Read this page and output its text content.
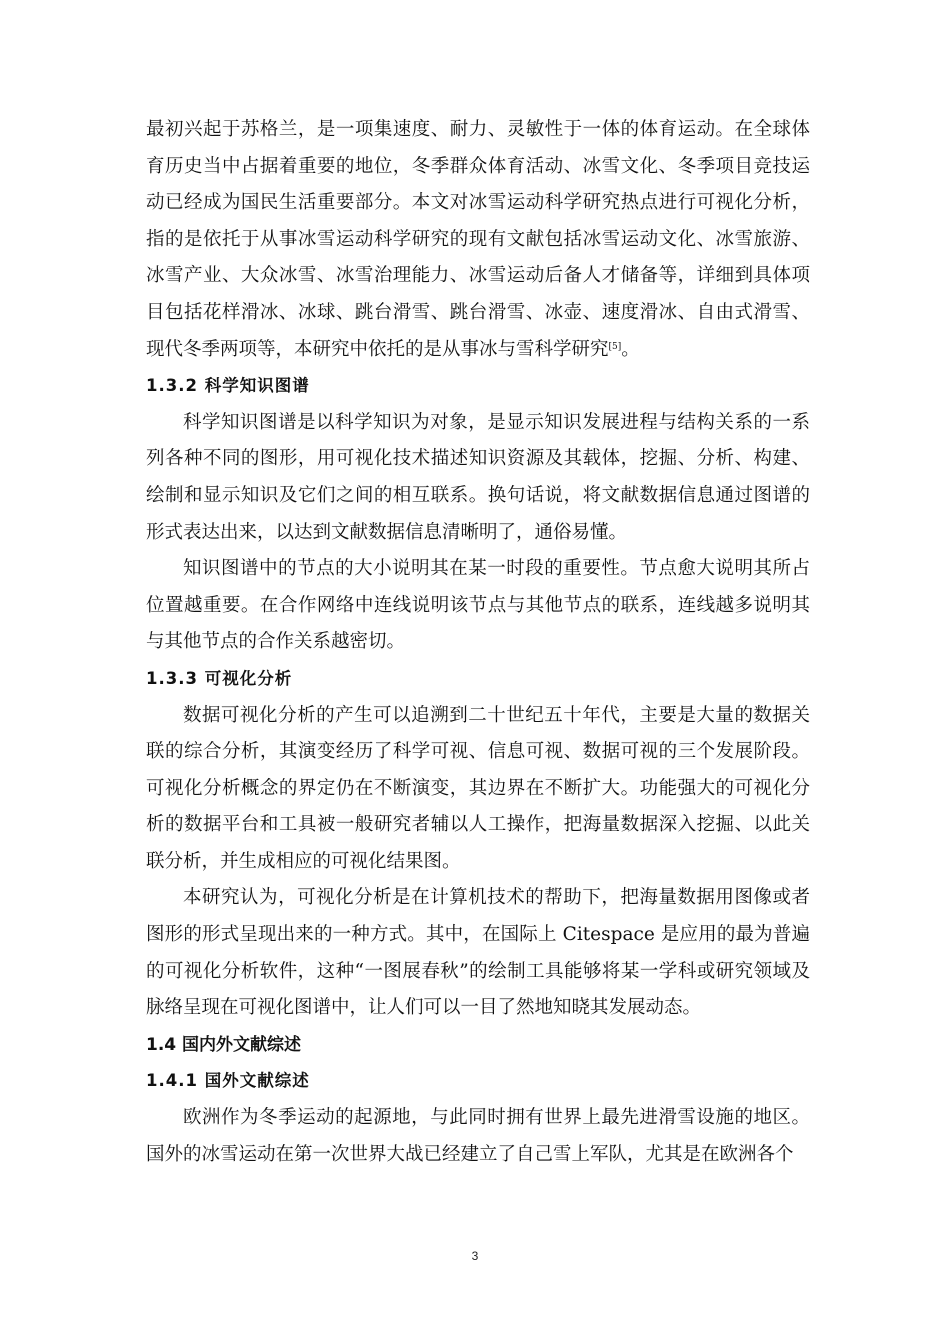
最初兴起于苏格兰，是一项集速度、耐力、灵敏性于一体的体育运动。在全球体育历史当中占据着重要的地位，冬季群众体育活动、冰雪文化、冬季项目竞技运动已经成为国民生活重要部分。本文对冰雪运动科学研究热点进行可视化分析，指的是依托于从事冰雪运动科学研究的现有文献包括冰雪运动文化、冰雪旅游、冰雪产业、大众冰雪、冰雪治理能力、冰雪运动后备人才储备等，详细到具体项目包括花样滑冰、冰球、跳台滑雪、跳台滑雪、冰壶、速度滑冰、自由式滑雪、现代冬季两项等，本研究中依托的是从事冰与雪科学研究[5]。

1.3.2 科学知识图谱

科学知识图谱是以科学知识为对象，是显示知识发展进程与结构关系的一系列各种不同的图形，用可视化技术描述知识资源及其载体，挖掘、分析、构建、绘制和显示知识及它们之间的相互联系。换句话说，将文献数据信息通过图谱的形式表达出来，以达到文献数据信息清晰明了，通俗易懂。

知识图谱中的节点的大小说明其在某一时段的重要性。节点愈大说明其所占位置越重要。在合作网络中连线说明该节点与其他节点的联系，连线越多说明其与其他节点的合作关系越密切。

1.3.3 可视化分析

数据可视化分析的产生可以追溯到二十世纪五十年代，主要是大量的数据关联的综合分析，其演变经历了科学可视、信息可视、数据可视的三个发展阶段。可视化分析概念的界定仍在不断演变，其边界在不断扩大。功能强大的可视化分析的数据平台和工具被一般研究者辅以人工操作，把海量数据深入挖掘、以此关联分析，并生成相应的可视化结果图。

本研究认为，可视化分析是在计算机技术的帮助下，把海量数据用图像或者图形的形式呈现出来的一种方式。其中，在国际上 Citespace 是应用的最为普遍的可视化分析软件，这种“一图展春秋”的绘制工具能够将某一学科或研究领域及脉络呈现在可视化图谱中，让人们可以一目了然地知晓其发展动态。

1.4 国内外文献综述
1.4.1 国外文献综述

欧洲作为冬季运动的起源地，与此同时拥有世界上最先进滑雪设施的地区。国外的冰雪运动在第一次世界大战已经建立了自己雪上军队，尤其是在欧洲各个

3
